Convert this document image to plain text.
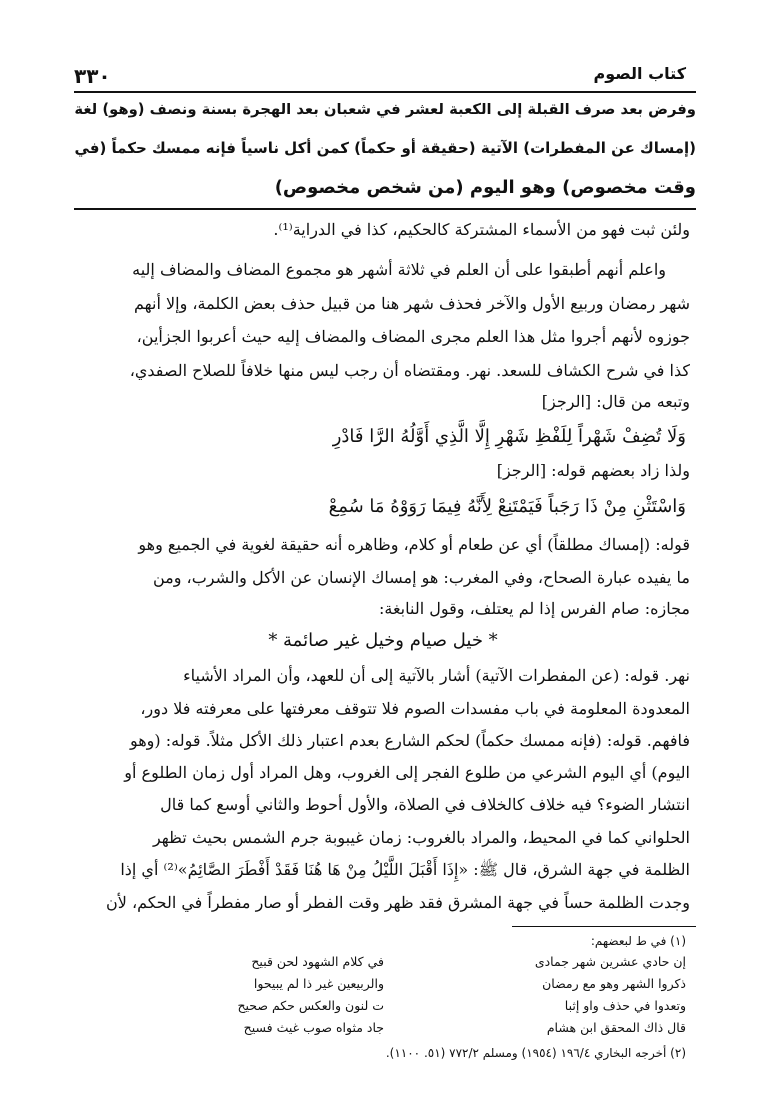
٣٣٠	كتاب الصوم
وفرض بعد صرف القبلة إلى الكعبة لعشر في شعبان بعد الهجرة بسنة ونصف (وهو) لغة
(إمساك عن المفطرات) الآتية (حقيقة أو حكماً) كمن أكل ناسياً فإنه ممسك حكماً (في
وقت مخصوص) وهو اليوم (من شخص مخصوص)
ولئن ثبت فهو من الأسماء المشتركة كالحكيم، كذا في الدراية⁽¹⁾.
واعلم أنهم أطبقوا على أن العلم في ثلاثة أشهر هو مجموع المضاف والمضاف إليه
شهر رمضان وربيع الأول والآخر فحذف شهر هنا من قبيل حذف بعض الكلمة، وإلا أنهم
جوزوه لأنهم أجروا مثل هذا العلم مجرى المضاف والمضاف إليه حيث أعربوا الجزأين،
كذا في شرح الكشاف للسعد. نهر. ومقتضاه أن رجب ليس منها خلافاً للصلاح الصفدي،
وتبعه من قال: [الرجز]
وَلَا تُضِفْ شَهْراً لِلَفْظِ شَهْرِ إِلَّا الَّذِي أَوَّلُهُ الرَّا فَادْرِ
ولذا زاد بعضهم قوله: [الرجز]
وَاسْتَثْنِ مِنْ ذَا رَجَباً فَيَمْتَنِعْ لِأَنَّهُ فِيمَا رَوَوْهُ مَا سُمِعْ
قوله: (إمساك مطلقاً) أي عن طعام أو كلام، وظاهره أنه حقيقة لغوية في الجميع وهو
ما يفيده عبارة الصحاح، وفي المغرب: هو إمساك الإنسان عن الأكل والشرب، ومن
مجازه: صام الفرس إذا لم يعتلف، وقول النابغة:
* خيل صيام وخيل غير صائمة *
نهر. قوله: (عن المفطرات الآتية) أشار بالآتية إلى أن للعهد، وأن المراد الأشياء
المعدودة المعلومة في باب مفسدات الصوم فلا تتوقف معرفتها على معرفته فلا دور،
فافهم. قوله: (فإنه ممسك حكماً) لحكم الشارع بعدم اعتبار ذلك الأكل مثلاً. قوله: (وهو
اليوم) أي اليوم الشرعي من طلوع الفجر إلى الغروب، وهل المراد أول زمان الطلوع أو
انتشار الضوء؟ فيه خلاف كالخلاف في الصلاة، والأول أحوط والثاني أوسع كما قال
الحلواني كما في المحيط، والمراد بالغروب: زمان غيبوبة جرم الشمس بحيث تظهر
الظلمة في جهة الشرق، قال ﷺ: «إِذَا أَقْبَلَ اللَّيْلُ مِنْ هَا هُنَا فَقَدْ أَفْطَرَ الصَّائِمُ»⁽²⁾ أي إذا
وجدت الظلمة حساً في جهة المشرق فقد ظهر وقت الفطر أو صار مفطراً في الحكم، لأن
(١) في ط لبعضهم:
إن حادي عشرين شهر جمادى
ذكروا الشهر وهو مع رمضان
وتعدوا في حذف واو إثبا
قال ذاك المحقق ابن هشام
في كلام الشهود لحن قبيح
والربيعين غير ذا لم يبيحوا
ت لنون والعكس حكم صحيح
جاد مثواه صوب غيث فسيح
(٢) أخرجه البخاري ١٩٦/٤ (١٩٥٤) ومسلم ٧٧٢/٢ (٥١. ١١٠٠).
